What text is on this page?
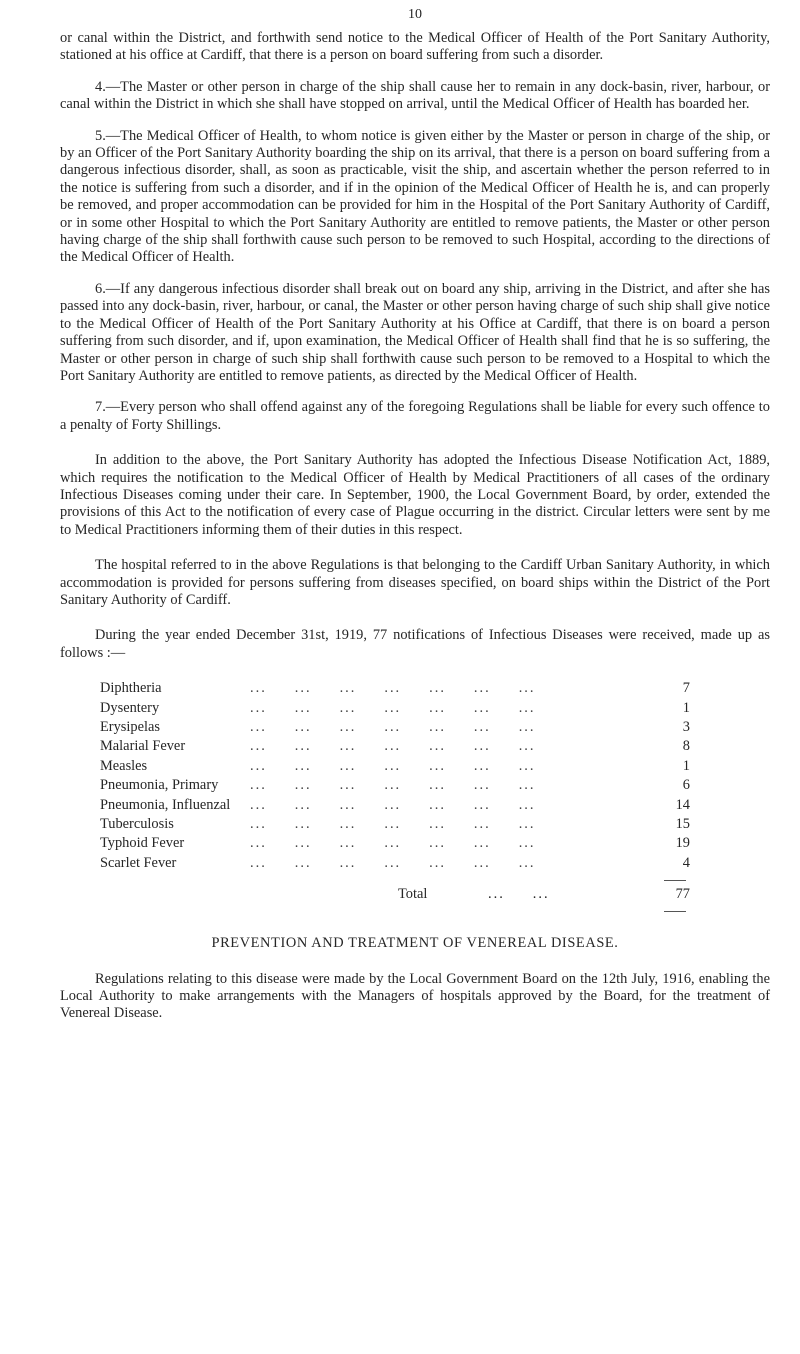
10

or canal within the District, and forthwith send notice to the Medical Officer of Health of the Port Sanitary Authority, stationed at his office at Cardiff, that there is a person on board suffering from such a disorder.

4.—The Master or other person in charge of the ship shall cause her to remain in any dock-basin, river, harbour, or canal within the District in which she shall have stopped on arrival, until the Medical Officer of Health has boarded her.

5.—The Medical Officer of Health, to whom notice is given either by the Master or person in charge of the ship, or by an Officer of the Port Sanitary Authority boarding the ship on its arrival, that there is a person on board suffering from a dangerous infectious disorder, shall, as soon as practicable, visit the ship, and ascertain whether the person referred to in the notice is suffering from such a disorder, and if in the opinion of the Medical Officer of Health he is, and can properly be removed, and proper accommodation can be provided for him in the Hospital of the Port Sanitary Authority of Cardiff, or in some other Hospital to which the Port Sanitary Authority are entitled to remove patients, the Master or other person having charge of the ship shall forthwith cause such person to be removed to such Hospital, according to the directions of the Medical Officer of Health.

6.—If any dangerous infectious disorder shall break out on board any ship, arriving in the District, and after she has passed into any dock-basin, river, harbour, or canal, the Master or other person having charge of such ship shall give notice to the Medical Officer of Health of the Port Sanitary Authority at his Office at Cardiff, that there is on board a person suffering from such disorder, and if, upon examination, the Medical Officer of Health shall find that he is so suffering, the Master or other person in charge of such ship shall forthwith cause such person to be removed to a Hospital to which the Port Sanitary Authority are entitled to remove patients, as directed by the Medical Officer of Health.

7.—Every person who shall offend against any of the foregoing Regulations shall be liable for every such offence to a penalty of Forty Shillings.

In addition to the above, the Port Sanitary Authority has adopted the Infectious Disease Notification Act, 1889, which requires the notification to the Medical Officer of Health by Medical Practitioners of all cases of the ordinary Infectious Diseases coming under their care. In September, 1900, the Local Government Board, by order, extended the provisions of this Act to the notification of every case of Plague occurring in the district. Circular letters were sent by me to Medical Practitioners informing them of their duties in this respect.

The hospital referred to in the above Regulations is that belonging to the Cardiff Urban Sanitary Authority, in which accommodation is provided for persons suffering from diseases specified, on board ships within the District of the Port Sanitary Authority of Cardiff.

During the year ended December 31st, 1919, 77 notifications of Infectious Diseases were received, made up as follows :—

Diphtheria	...     ...     ...     ...     ...     ...     ...	7
Dysentery	...     ...     ...     ...     ...     ...     ...	1
Erysipelas	...     ...     ...     ...     ...     ...     ...	3
Malarial Fever	...     ...     ...     ...     ...     ...     ...	8
Measles	...     ...     ...     ...     ...     ...     ...	1
Pneumonia, Primary	...     ...     ...     ...     ...     ...     ...	6
Pneumonia, Influenzal	...     ...     ...     ...     ...     ...     ...	14
Tuberculosis	...     ...     ...     ...     ...     ...     ...	15
Typhoid Fever	...     ...     ...     ...     ...     ...     ...	19
Scarlet Fever	...     ...     ...     ...     ...     ...     ...	4
Total	...     ...	77
PREVENTION AND TREATMENT OF VENEREAL DISEASE.

Regulations relating to this disease were made by the Local Government Board on the 12th July, 1916, enabling the Local Authority to make arrangements with the Managers of hospitals approved by the Board, for the treatment of Venereal Disease.
